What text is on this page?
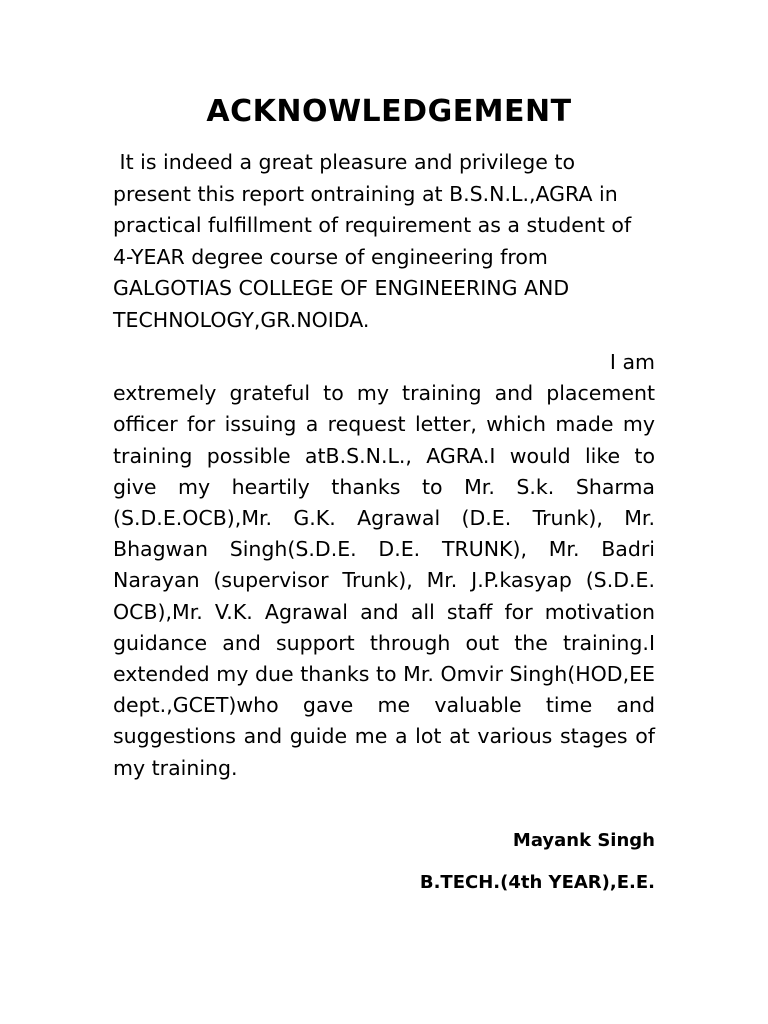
ACKNOWLEDGEMENT
It is indeed a great pleasure and privilege to present this report ontraining at B.S.N.L.,AGRA in practical fulfillment of requirement as a student of 4-YEAR degree course of engineering from GALGOTIAS COLLEGE OF ENGINEERING AND TECHNOLOGY,GR.NOIDA.
I am
extremely grateful to my training and placement officer for issuing a request letter, which made my training possible atB.S.N.L., AGRA.I would like to give my heartily thanks to Mr. S.k. Sharma (S.D.E.OCB),Mr. G.K. Agrawal (D.E. Trunk), Mr. Bhagwan Singh(S.D.E. D.E. TRUNK), Mr. Badri Narayan (supervisor Trunk), Mr. J.P.kasyap (S.D.E. OCB),Mr. V.K. Agrawal and all staff for motivation guidance and support through out the training.I extended my due thanks to Mr. Omvir Singh(HOD,EE dept.,GCET)who gave me valuable time and suggestions and guide me a lot at various stages of my training.
Mayank Singh
B.TECH.(4th YEAR),E.E.
